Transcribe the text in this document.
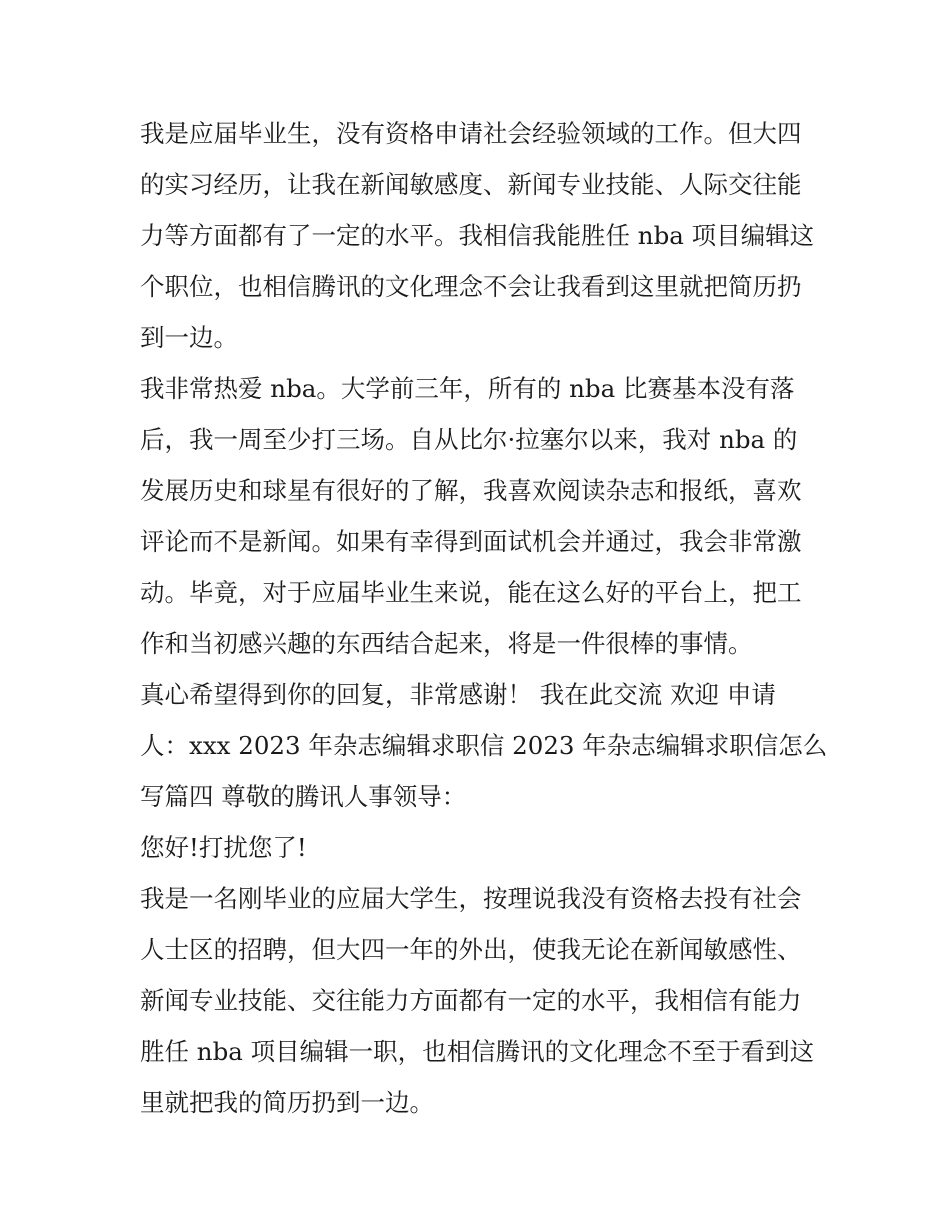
我是应届毕业生，没有资格申请社会经验领域的工作。但大四
的实习经历，让我在新闻敏感度、新闻专业技能、人际交往能
力等方面都有了一定的水平。我相信我能胜任 nba 项目编辑这
个职位，也相信腾讯的文化理念不会让我看到这里就把简历扔
到一边。
我非常热爱 nba。大学前三年，所有的 nba 比赛基本没有落
后，我一周至少打三场。自从比尔·拉塞尔以来，我对 nba 的
发展历史和球星有很好的了解，我喜欢阅读杂志和报纸，喜欢
评论而不是新闻。如果有幸得到面试机会并通过，我会非常激
动。毕竟，对于应届毕业生来说，能在这么好的平台上，把工
作和当初感兴趣的东西结合起来，将是一件很棒的事情。
真心希望得到你的回复，非常感谢！ 我在此交流 欢迎 申请
人：xxx 2023 年杂志编辑求职信 2023 年杂志编辑求职信怎么
写篇四 尊敬的腾讯人事领导：
您好!打扰您了!
我是一名刚毕业的应届大学生，按理说我没有资格去投有社会
人士区的招聘，但大四一年的外出，使我无论在新闻敏感性、
新闻专业技能、交往能力方面都有一定的水平，我相信有能力
胜任 nba 项目编辑一职，也相信腾讯的文化理念不至于看到这
里就把我的简历扔到一边。
